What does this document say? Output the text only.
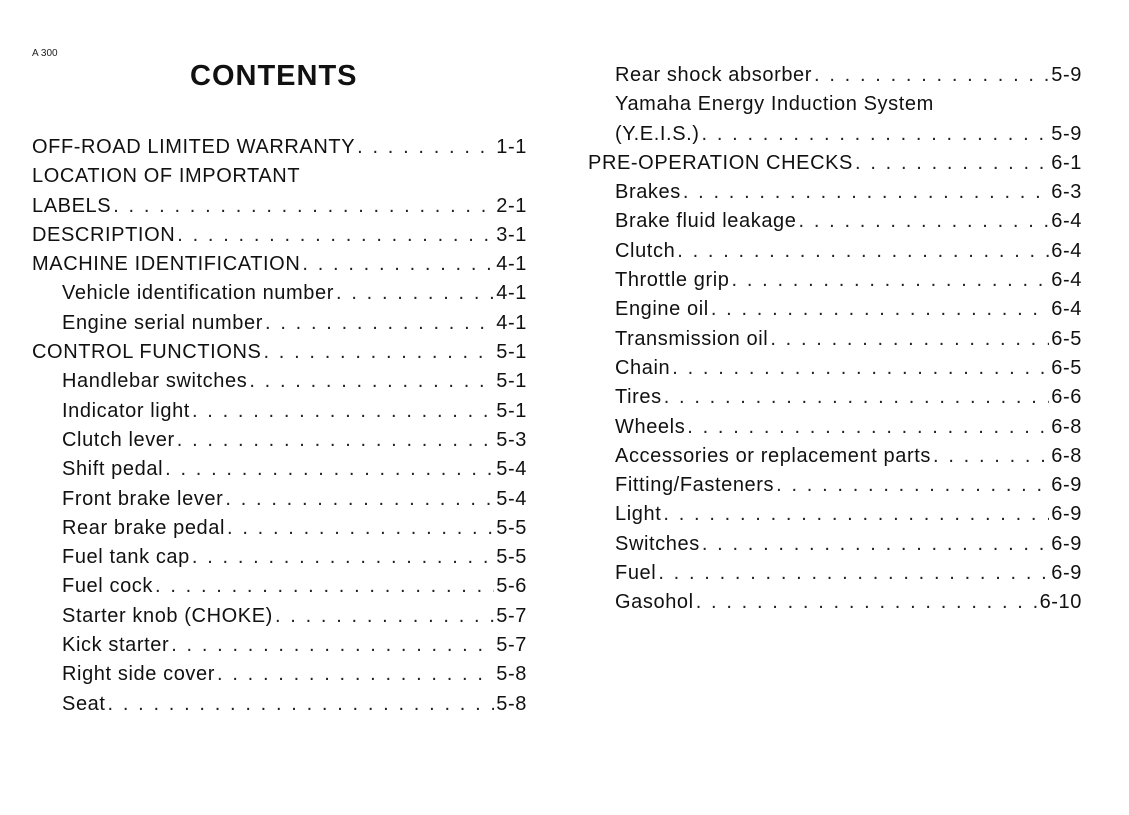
A 300
CONTENTS
OFF-ROAD LIMITED WARRANTY . . .	1-1
LOCATION OF IMPORTANT
LABELS . . .	2-1
DESCRIPTION . . .	3-1
MACHINE IDENTIFICATION . . .	4-1
Vehicle identification number . . .	4-1
Engine serial number . . .	4-1
CONTROL FUNCTIONS . . .	5-1
Handlebar switches . . .	5-1
Indicator light . . .	5-1
Clutch lever . . .	5-3
Shift pedal . . .	5-4
Front brake lever . . .	5-4
Rear brake pedal . . .	5-5
Fuel tank cap . . .	5-5
Fuel cock . . .	5-6
Starter knob (CHOKE) . . .	5-7
Kick starter . . .	5-7
Right side cover . . .	5-8
Seat . . .	5-8
Rear shock absorber . . .	5-9
Yamaha Energy Induction System
(Y.E.I.S.) . . .	5-9
PRE-OPERATION CHECKS . . .	6-1
Brakes . . .	6-3
Brake fluid leakage . . .	6-4
Clutch . . .	6-4
Throttle grip . . .	6-4
Engine oil . . .	6-4
Transmission oil . . .	6-5
Chain . . .	6-5
Tires . . .	6-6
Wheels . . .	6-8
Accessories or replacement parts . . .	6-8
Fitting/Fasteners . . .	6-9
Light . . .	6-9
Switches . . .	6-9
Fuel . . .	6-9
Gasohol . . .	6-10
